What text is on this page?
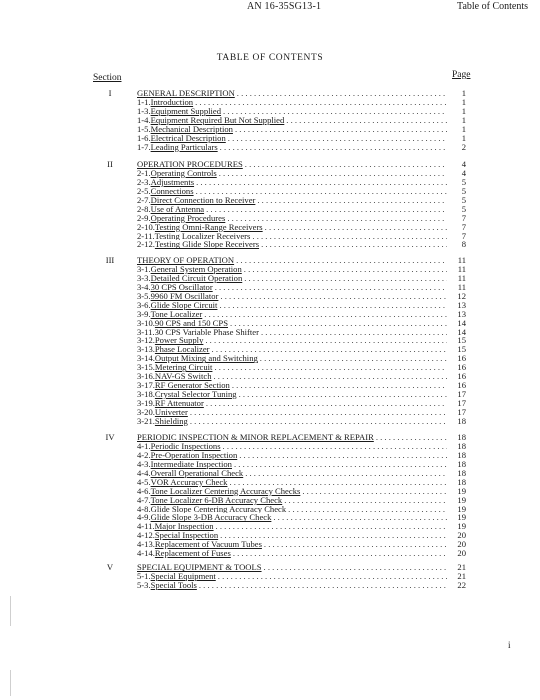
AN 16-35SG13-1	Table of Contents
TABLE OF CONTENTS
Section	Page
I	GENERAL DESCRIPTION . . .	1
1-1. Introduction . . .	1
1-3. Equipment Supplied . . .	1
1-4. Equipment Required But Not Supplied . . .	1
1-5. Mechanical Description . . .	1
1-6. Electrical Description . . .	1
1-7. Leading Particulars . . .	2
II	OPERATION PROCEDURES . . .	4
2-1. Operating Controls . . .	4
2-3. Adjustments . . .	5
2-5. Connections . . .	5
2-7. Direct Connection to Receiver . . .	5
2-8. Use of Antenna . . .	5
2-9. Operating Procedures . . .	7
2-10. Testing Omni-Range Receivers . . .	7
2-11. Testing Localizer Receivers . . .	7
2-12. Testing Glide Slope Receivers . . .	8
III	THEORY OF OPERATION . . .	11
3-1. General System Operation . . .	11
3-3. Detailed Circuit Operation . . .	11
3-4. 30 CPS Oscillator . . .	11
3-5. 9960 FM Oscillator . . .	12
3-6. Glide Slope Circuit . . .	13
3-9. Tone Localizer . . .	13
3-10. 90 CPS and 150 CPS . . .	14
3-11. 30 CPS Variable Phase Shifter . . .	14
3-12. Power Supply . . .	15
3-13. Phase Localizer . . .	15
3-14. Output Mixing and Switching . . .	16
3-15. Metering Circuit . . .	16
3-16. NAV-GS Switch . . .	16
3-17. RF Generator Section . . .	16
3-18. Crystal Selector Tuning . . .	17
3-19. RF Attenuator . . .	17
3-20. Univerter . . .	17
3-21. Shielding . . .	18
IV	PERIODIC INSPECTION & MINOR REPLACEMENT & REPAIR . . .	18
4-1. Periodic Inspections . . .	18
4-2. Pre-Operation Inspection . . .	18
4-3. Intermediate Inspection . . .	18
4-4. Overall Operational Check . . .	18
4-5. VOR Accuracy Check . . .	18
4-6. Tone Localizer Centering Accuracy Checks . . .	19
4-7. Tone Localizer 6-DB Accuracy Check . . .	19
4-8. Glide Slope Centering Accuracy Check . . .	19
4-9. Glide Slope 3-DB Accuracy Check . . .	19
4-11. Major Inspection . . .	19
4-12. Special Inspection . . .	20
4-13. Replacement of Vacuum Tubes . . .	20
4-14. Replacement of Fuses . . .	20
V	SPECIAL EQUIPMENT & TOOLS . . .	21
5-1. Special Equipment . . .	21
5-3. Special Tools . . .	22
i
